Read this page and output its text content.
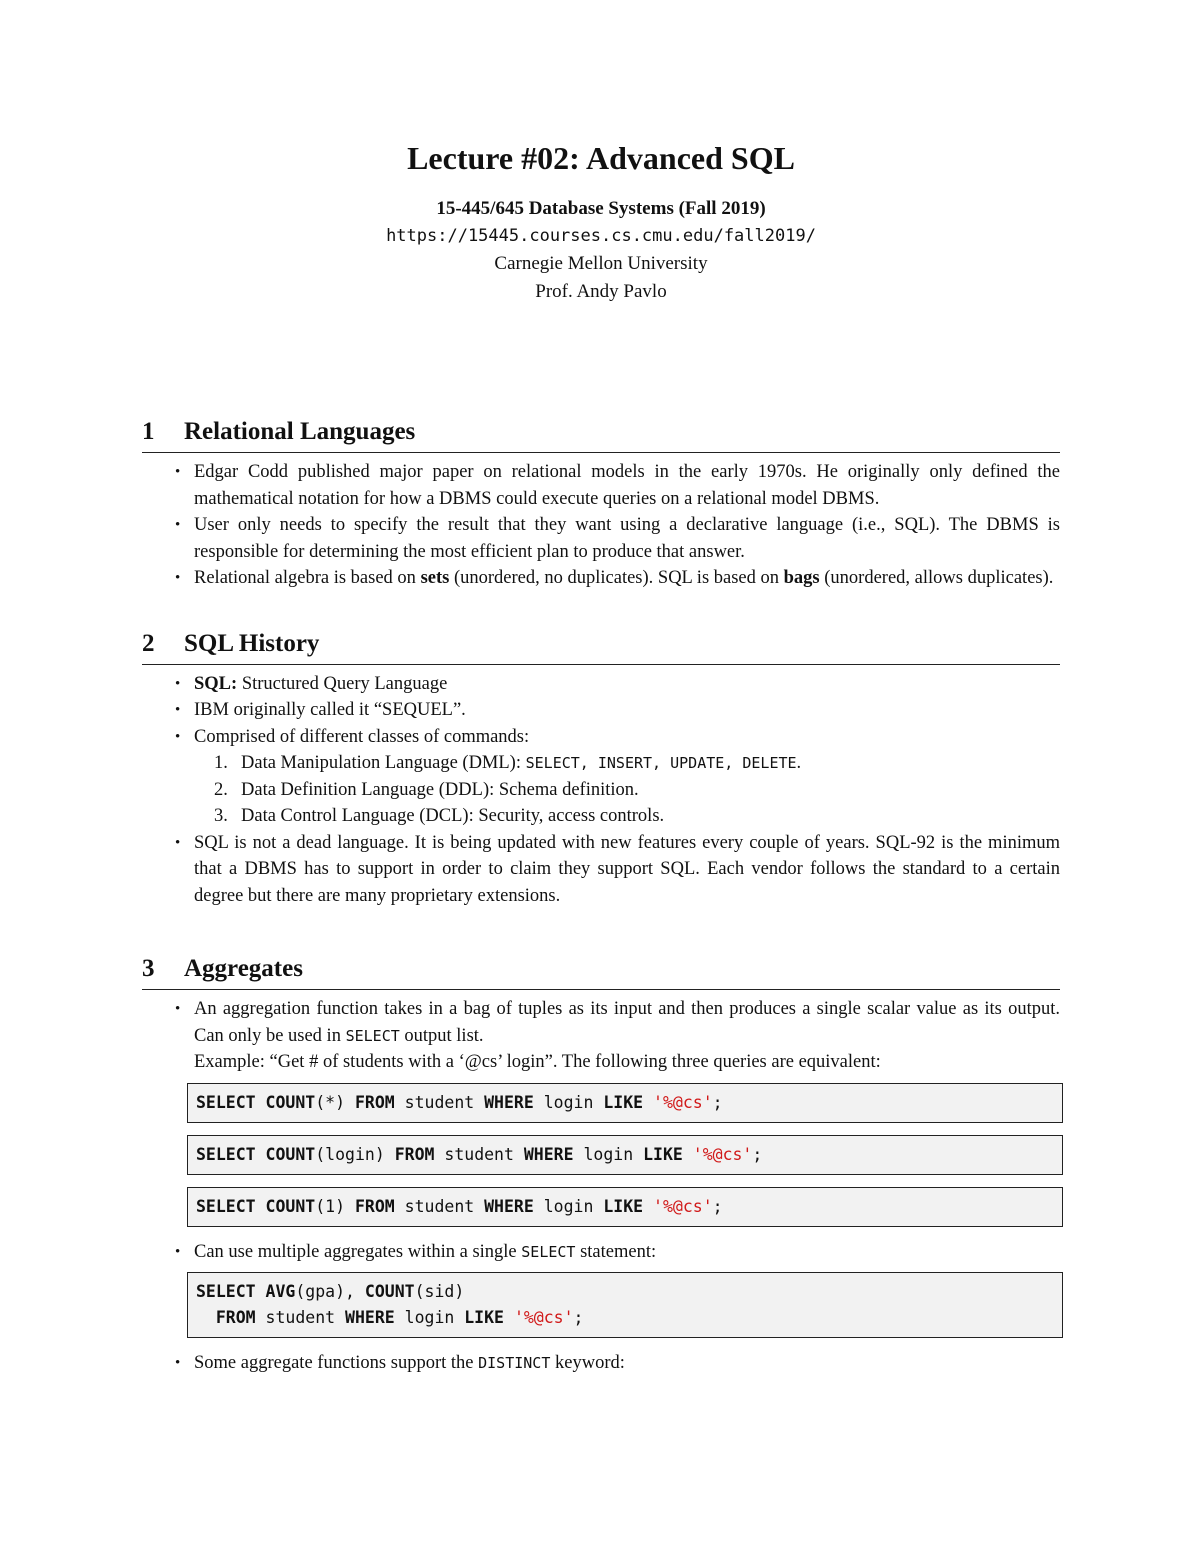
Lecture #02: Advanced SQL
15-445/645 Database Systems (Fall 2019)
https://15445.courses.cs.cmu.edu/fall2019/
Carnegie Mellon University
Prof. Andy Pavlo
1	Relational Languages
• Edgar Codd published major paper on relational models in the early 1970s. He originally only defined the mathematical notation for how a DBMS could execute queries on a relational model DBMS.
• User only needs to specify the result that they want using a declarative language (i.e., SQL). The DBMS is responsible for determining the most efficient plan to produce that answer.
• Relational algebra is based on sets (unordered, no duplicates). SQL is based on bags (unordered, allows duplicates).
2	SQL History
• SQL: Structured Query Language
• IBM originally called it “SEQUEL”.
• Comprised of different classes of commands:
1. Data Manipulation Language (DML): SELECT, INSERT, UPDATE, DELETE.
2. Data Definition Language (DDL): Schema definition.
3. Data Control Language (DCL): Security, access controls.
• SQL is not a dead language. It is being updated with new features every couple of years. SQL-92 is the minimum that a DBMS has to support in order to claim they support SQL. Each vendor follows the standard to a certain degree but there are many proprietary extensions.
3	Aggregates
• An aggregation function takes in a bag of tuples as its input and then produces a single scalar value as its output. Can only be used in SELECT output list.
Example: “Get # of students with a ‘@cs’ login”. The following three queries are equivalent:
SELECT COUNT(*) FROM student WHERE login LIKE '%@cs';
SELECT COUNT(login) FROM student WHERE login LIKE '%@cs';
SELECT COUNT(1) FROM student WHERE login LIKE '%@cs';
• Can use multiple aggregates within a single SELECT statement:
SELECT AVG(gpa), COUNT(sid)
FROM student WHERE login LIKE '%@cs';
• Some aggregate functions support the DISTINCT keyword:
